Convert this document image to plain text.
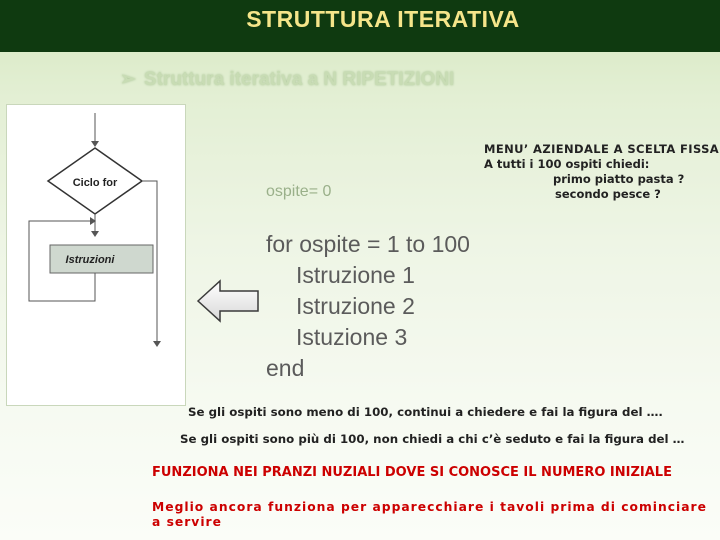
STRUTTURA ITERATIVA
➢ Struttura iterativa a N RIPETIZIONI
Ciclo for
Istruzioni
ospite= 0
MENU’ AZIENDALE A SCELTA FISSA
A tutti i 100 ospiti chiedi:
primo piatto pasta ?
secondo pesce ?
for ospite = 1 to 100
Istruzione 1
Istruzione 2
Istuzione 3
end
Se gli ospiti sono meno di 100, continui a chiedere e fai la figura del ….
Se gli ospiti sono più di 100, non chiedi a chi c’è seduto e fai la figura del …
FUNZIONA NEI PRANZI NUZIALI DOVE SI CONOSCE IL NUMERO INIZIALE
Meglio ancora funziona per apparecchiare i tavoli prima di cominciare a servire
